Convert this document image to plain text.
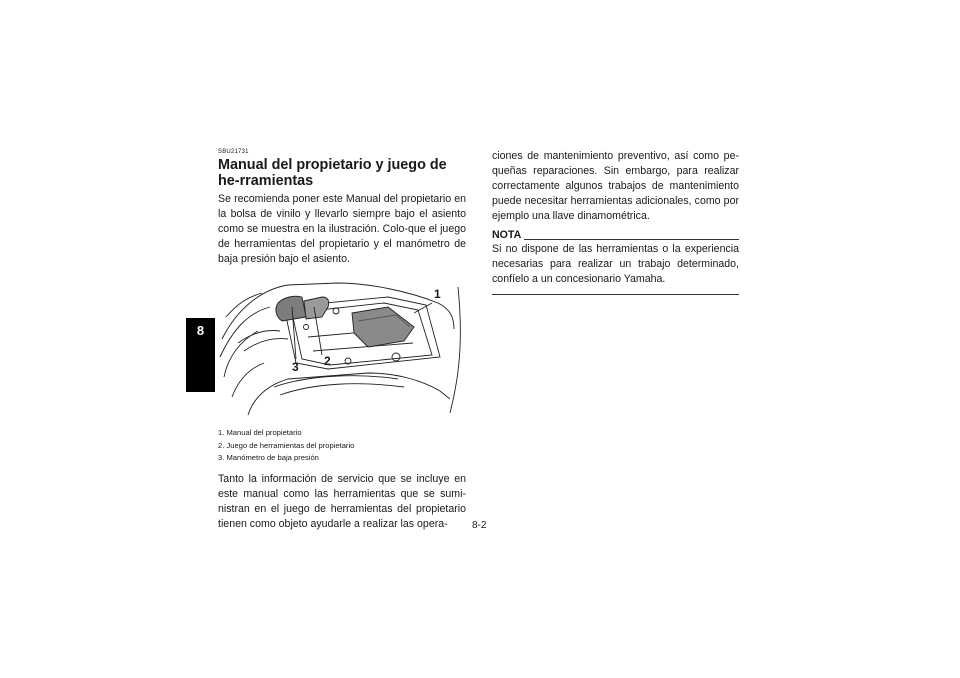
8
SBU21731
Manual del propietario y juego de he-rramientas

Se recomienda poner este Manual del propietario en la bolsa de vinilo y llevarlo siempre bajo el asiento como se muestra en la ilustración. Colo-que el juego de herramientas del propietario y el manómetro de baja presión bajo el asiento.

1
2
3
1. Manual del propietario
2. Juego de herramientas del propietario
3. Manómetro de baja presión

Tanto la información de servicio que se incluye en este manual como las herramientas que se sumi-nistran en el juego de herramientas del propietario tienen como objeto ayudarle a realizar las opera-

ciones de mantenimiento preventivo, así como pe-queñas reparaciones. Sin embargo, para realizar correctamente algunos trabajos de mantenimiento puede necesitar herramientas adicionales, como por ejemplo una llave dinamométrica.

NOTA

Si no dispone de las herramientas o la experiencia necesarias para realizar un trabajo determinado, confíelo a un concesionario Yamaha.

8-2
